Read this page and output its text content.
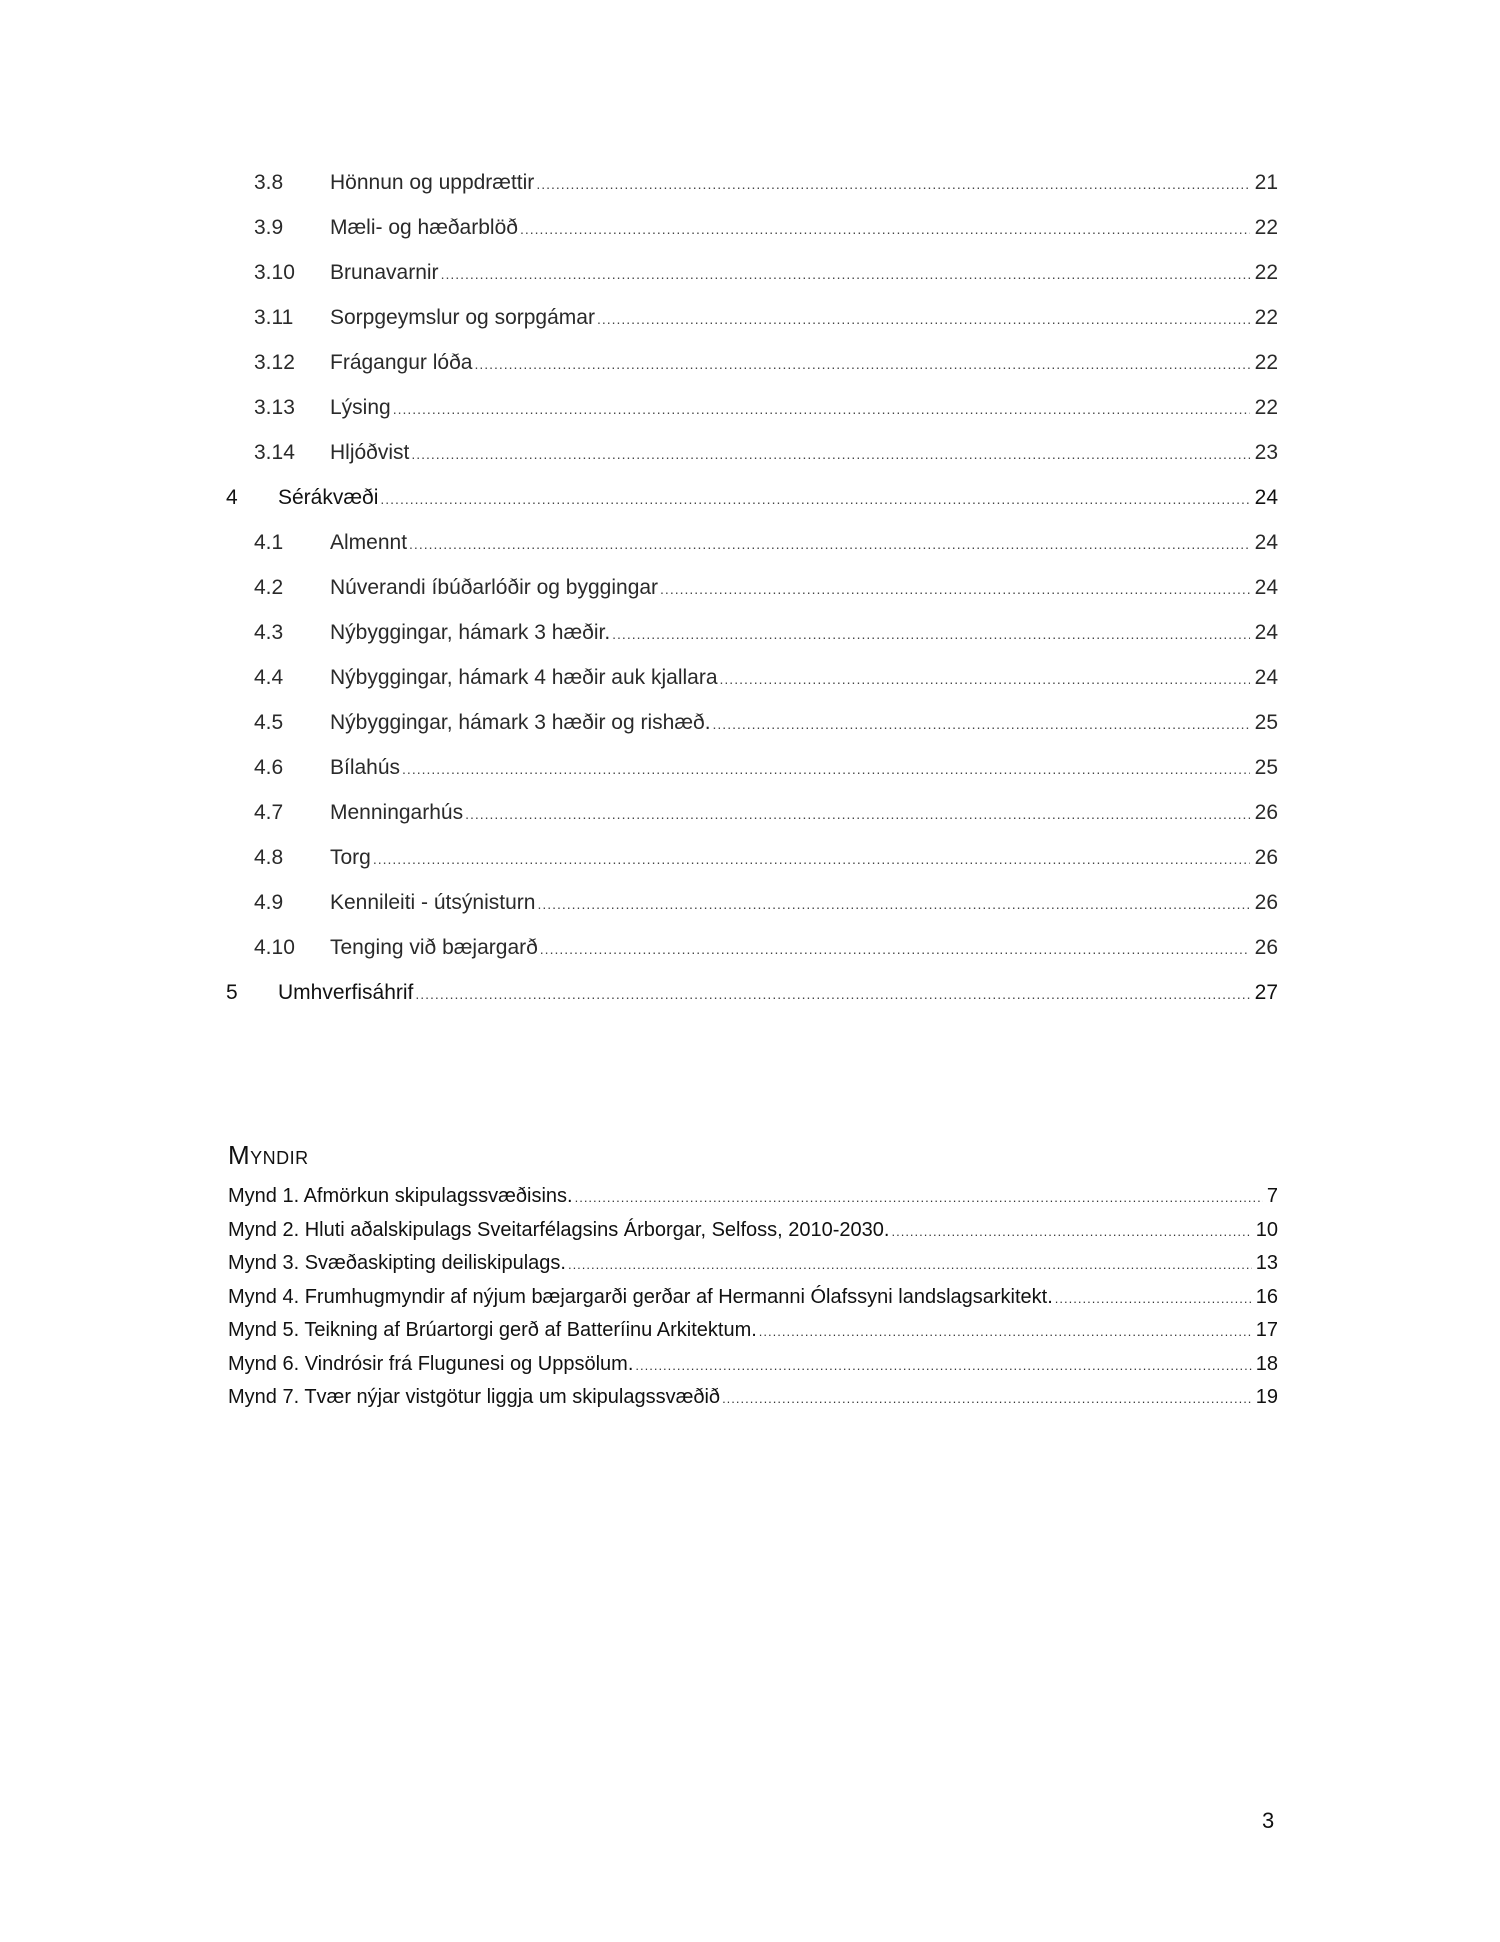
3.8	Hönnun og uppdrættir .....	21
3.9	Mæli- og hæðarblöð .....	22
3.10	Brunavarnir .....	22
3.11	Sorpgeymslur og sorpgámar .....	22
3.12	Frágangur lóða .....	22
3.13	Lýsing .....	22
3.14	Hljóðvist .....	23
4	Sérákvæði .....	24
4.1	Almennt .....	24
4.2	Núverandi íbúðarlóðir og byggingar .....	24
4.3	Nýbyggingar, hámark 3 hæðir. .....	24
4.4	Nýbyggingar, hámark 4 hæðir auk kjallara .....	24
4.5	Nýbyggingar, hámark 3 hæðir og rishæð. .....	25
4.6	Bílahús .....	25
4.7	Menningarhús .....	26
4.8	Torg .....	26
4.9	Kennileiti - útsýnisturn .....	26
4.10	Tenging við bæjargarð .....	26
5	Umhverfisáhrif .....	27
Myndir
Mynd 1. Afmörkun skipulagssvæðisins. .....	7
Mynd 2. Hluti aðalskipulags Sveitarfélagsins Árborgar, Selfoss, 2010-2030. .....	10
Mynd 3. Svæðaskipting deiliskipulags. .....	13
Mynd 4. Frumhugmyndir af nýjum bæjargarði gerðar af Hermanni Ólafssyni landslagsarkitekt. .....	16
Mynd 5. Teikning af Brúartorgi gerð af Batteríinu Arkitektum. .....	17
Mynd 6. Vindrósir frá Flugunesi og Uppsölum. .....	18
Mynd 7. Tvær nýjar vistgötur liggja um skipulagssvæðið .....	19
3
